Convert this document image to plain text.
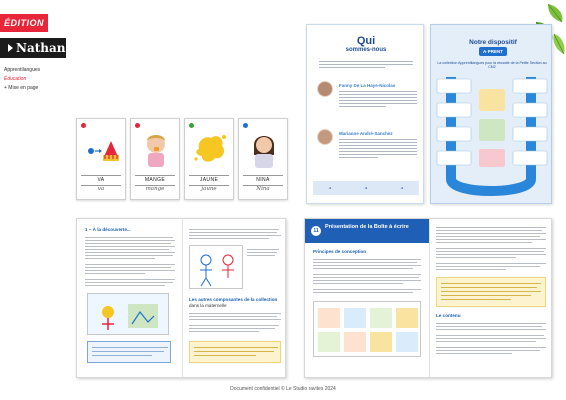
ÉDITION
Nathan
Apprentilangues
Éducation
+ Mise en page
VA
va
MANGE
mange
JAUNE
jaune
NINA
Nina
Qui
sommes-nous
Fanny De La Haye-Nicolas
Marianne André-Sanchez
●	●	●
Notre dispositif
A·PRENT
La collection Apprentilangues pour la réussite de la Petite Section au CM2
1 – À la découverte...
Les autres composantes de la collection
dans la maternelle
11
Présentation de la Boîte à écrire
Principes de conception
Le contenu
Document confidentiel © Le Studio ravites 2024
